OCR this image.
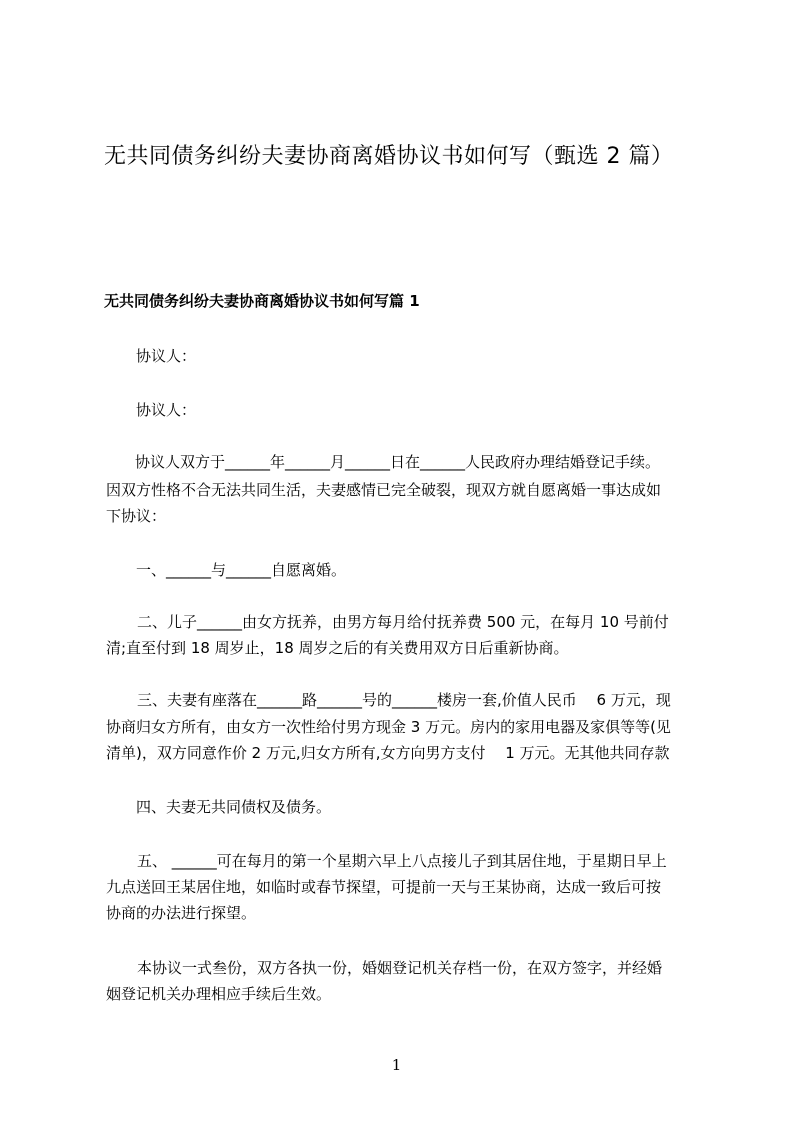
无共同债务纠纷夫妻协商离婚协议书如何写（甄选 2 篇）
无共同债务纠纷夫妻协商离婚协议书如何写篇 1
协议人：
协议人：
　协议人双方于______年______月______日在______人民政府办理结婚登记手续。
因双方性格不合无法共同生活，夫妻感情已完全破裂，现双方就自愿离婚一事达成如
下协议：
一、______与______自愿离婚。
　二、儿子______由女方抚养，由男方每月给付抚养费 500 元，在每月 10 号前付
清;直至付到 18 周岁止，18 周岁之后的有关费用双方日后重新协商。
　三、夫妻有座落在______路______号的______楼房一套,价值人民币　 6 万元，现
协商归女方所有，由女方一次性给付男方现金 3 万元。房内的家用电器及家俱等等(见
清单)，双方同意作价 2 万元,归女方所有,女方向男方支付　 1 万元。无其他共同存款
四、夫妻无共同债权及债务。
　五、 ______可在每月的第一个星期六早上八点接儿子到其居住地，于星期日早上
九点送回王某居住地，如临时或春节探望，可提前一天与王某协商，达成一致后可按
协商的办法进行探望。
　本协议一式叁份，双方各执一份，婚姻登记机关存档一份，在双方签字，并经婚
姻登记机关办理相应手续后生效。
1
